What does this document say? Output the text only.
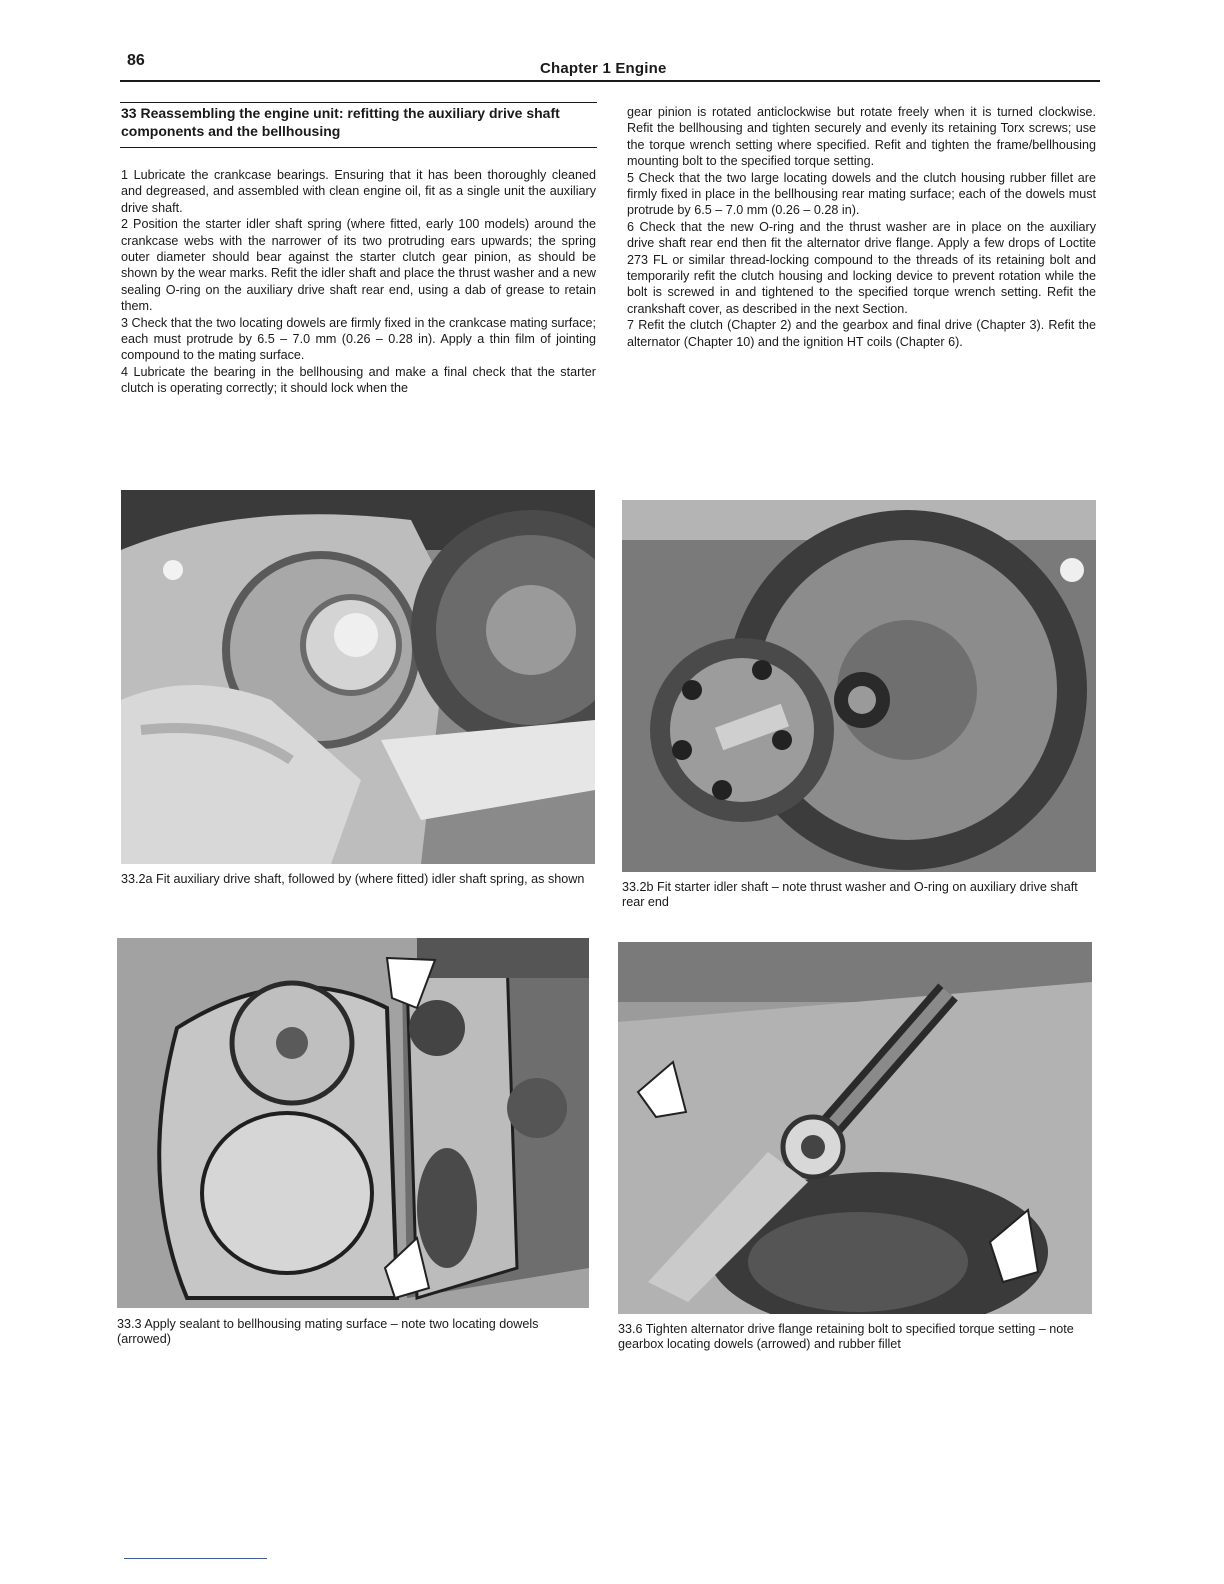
86	Chapter 1 Engine
33 Reassembling the engine unit: refitting the auxiliary drive shaft components and the bellhousing

1 Lubricate the crankcase bearings. Ensuring that it has been thoroughly cleaned and degreased, and assembled with clean engine oil, fit as a single unit the auxiliary drive shaft.

2 Position the starter idler shaft spring (where fitted, early 100 models) around the crankcase webs with the narrower of its two protruding ears upwards; the spring outer diameter should bear against the starter clutch gear pinion, as should be shown by the wear marks. Refit the idler shaft and place the thrust washer and a new sealing O-ring on the auxiliary drive shaft rear end, using a dab of grease to retain them.

3 Check that the two locating dowels are firmly fixed in the crankcase mating surface; each must protrude by 6.5 – 7.0 mm (0.26 – 0.28 in). Apply a thin film of jointing compound to the mating surface.

4 Lubricate the bearing in the bellhousing and make a final check that the starter clutch is operating correctly; it should lock when the

gear pinion is rotated anticlockwise but rotate freely when it is turned clockwise. Refit the bellhousing and tighten securely and evenly its retaining Torx screws; use the torque wrench setting where specified. Refit and tighten the frame/bellhousing mounting bolt to the specified torque setting.

5 Check that the two large locating dowels and the clutch housing rubber fillet are firmly fixed in place in the bellhousing rear mating surface; each of the dowels must protrude by 6.5 – 7.0 mm (0.26 – 0.28 in).

6 Check that the new O-ring and the thrust washer are in place on the auxiliary drive shaft rear end then fit the alternator drive flange. Apply a few drops of Loctite 273 FL or similar thread-locking compound to the threads of its retaining bolt and temporarily refit the clutch housing and locking device to prevent rotation while the bolt is screwed in and tightened to the specified torque wrench setting. Refit the crankshaft cover, as described in the next Section.

7 Refit the clutch (Chapter 2) and the gearbox and final drive (Chapter 3). Refit the alternator (Chapter 10) and the ignition HT coils (Chapter 6).

33.2a Fit auxiliary drive shaft, followed by (where fitted) idler shaft spring, as shown
33.2b Fit starter idler shaft – note thrust washer and O-ring on auxiliary drive shaft rear end
33.3 Apply sealant to bellhousing mating surface – note two locating dowels (arrowed)
33.6 Tighten alternator drive flange retaining bolt to specified torque setting – note gearbox locating dowels (arrowed) and rubber fillet
